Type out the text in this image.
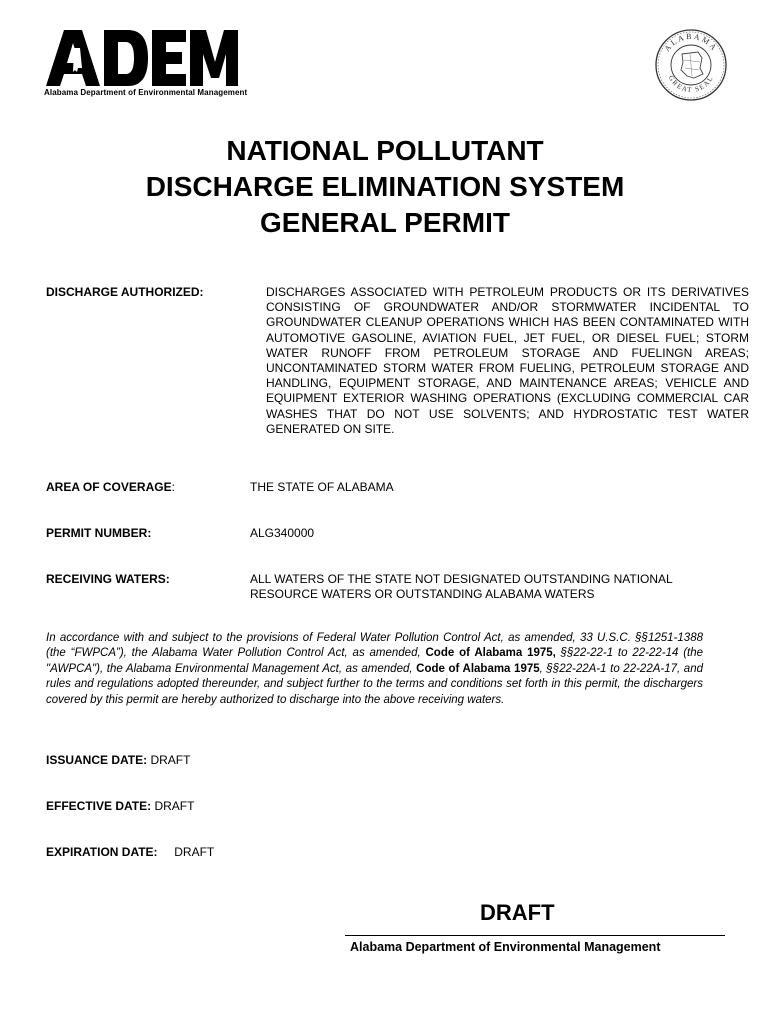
Alabama Department of Environmental Management
ALABAMA
GREAT SEAL
NATIONAL POLLUTANT
DISCHARGE ELIMINATION SYSTEM
GENERAL PERMIT
DISCHARGE AUTHORIZED:	DISCHARGES ASSOCIATED WITH PETROLEUM PRODUCTS OR ITS DERIVATIVES CONSISTING OF GROUNDWATER AND/OR STORMWATER INCIDENTAL TO GROUNDWATER CLEANUP OPERATIONS WHICH HAS BEEN CONTAMINATED WITH AUTOMOTIVE GASOLINE, AVIATION FUEL, JET FUEL, OR DIESEL FUEL; STORM WATER RUNOFF FROM PETROLEUM STORAGE AND FUELINGN AREAS; UNCONTAMINATED STORM WATER FROM FUELING, PETROLEUM STORAGE AND HANDLING, EQUIPMENT STORAGE, AND MAINTENANCE AREAS; VEHICLE AND EQUIPMENT EXTERIOR WASHING OPERATIONS (EXCLUDING COMMERCIAL CAR WASHES THAT DO NOT USE SOLVENTS; AND HYDROSTATIC TEST WATER GENERATED ON SITE.
AREA OF COVERAGE:	THE STATE OF ALABAMA
PERMIT NUMBER:	ALG340000
RECEIVING WATERS:	ALL WATERS OF THE STATE NOT DESIGNATED OUTSTANDING NATIONAL RESOURCE WATERS OR OUTSTANDING ALABAMA WATERS
In accordance with and subject to the provisions of Federal Water Pollution Control Act, as amended, 33 U.S.C. §§1251-1388 (the “FWPCA”), the Alabama Water Pollution Control Act, as amended, Code of Alabama 1975, §§22-22-1 to 22-22-14 (the "AWPCA"), the Alabama Environmental Management Act, as amended, Code of Alabama 1975, §§22-22A-1 to 22-22A-17, and rules and regulations adopted thereunder, and subject further to the terms and conditions set forth in this permit, the dischargers covered by this permit are hereby authorized to discharge into the above receiving waters.
ISSUANCE DATE: DRAFT
EFFECTIVE DATE: DRAFT
EXPIRATION DATE: DRAFT
DRAFT
Alabama Department of Environmental Management
